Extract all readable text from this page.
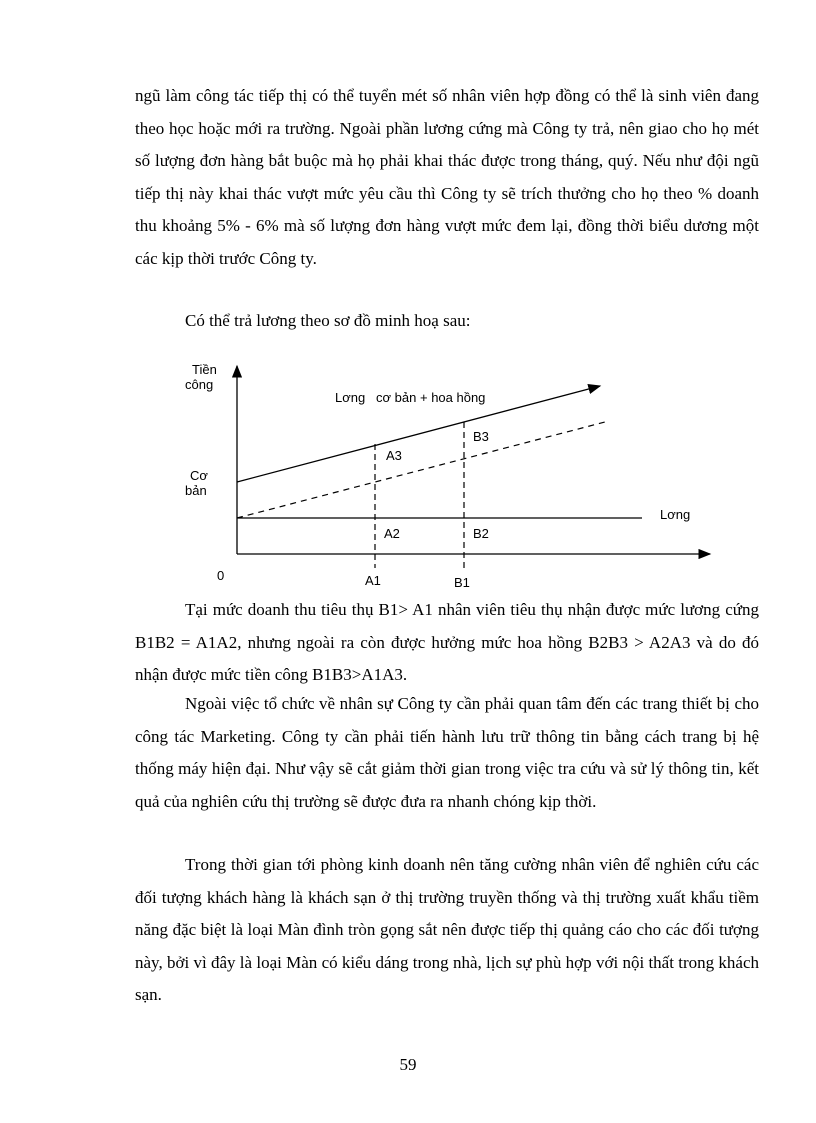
ngũ làm công tác tiếp thị có thể tuyển mét số nhân viên hợp đồng có thể là sinh viên đang theo học hoặc mới ra trường. Ngoài phần lương cứng mà Công ty trả, nên giao cho họ mét số lượng đơn hàng bắt buộc mà họ phải khai thác được trong tháng, quý. Nếu như đội ngũ tiếp thị này khai thác vượt mức yêu cầu thì Công ty sẽ trích thưởng cho họ theo % doanh thu khoảng 5% - 6% mà số lượng đơn hàng vượt mức đem lại, đồng thời biểu dương một các kịp thời trước Công ty.

Có thể trả lương theo sơ đồ minh hoạ sau:

Tiền
công
Cơ
bản
0
Lơng   cơ bản + hoa hồng
Lơng
A3
B3
A2	B2
A1	B1

Tại mức doanh thu tiêu thụ B1> A1 nhân viên tiêu thụ nhận được mức lương cứng B1B2 = A1A2, nhưng ngoài ra còn được hưởng mức hoa hồng B2B3 > A2A3 và do đó nhận được mức tiền công B1B3>A1A3.

Ngoài việc tổ chức về nhân sự Công ty cần phải quan tâm đến các trang thiết bị cho công tác Marketing. Công ty cần phải tiến hành lưu trữ thông tin bằng cách trang bị hệ thống máy hiện đại. Như vậy sẽ cắt giảm thời gian trong việc tra cứu và sử lý thông tin, kết quả của nghiên cứu thị trường sẽ được đưa ra nhanh chóng kịp thời.

Trong thời gian tới phòng kinh doanh nên tăng cường nhân viên để nghiên cứu các đối tượng khách hàng là khách sạn ở thị trường truyền thống và thị trường xuất khẩu tiềm năng đặc biệt là loại Màn đình tròn gọng sắt nên được tiếp thị quảng cáo cho các đối tượng này, bởi vì đây là loại Màn có kiểu dáng trong nhà, lịch sự phù hợp với nội thất trong khách sạn.

59
